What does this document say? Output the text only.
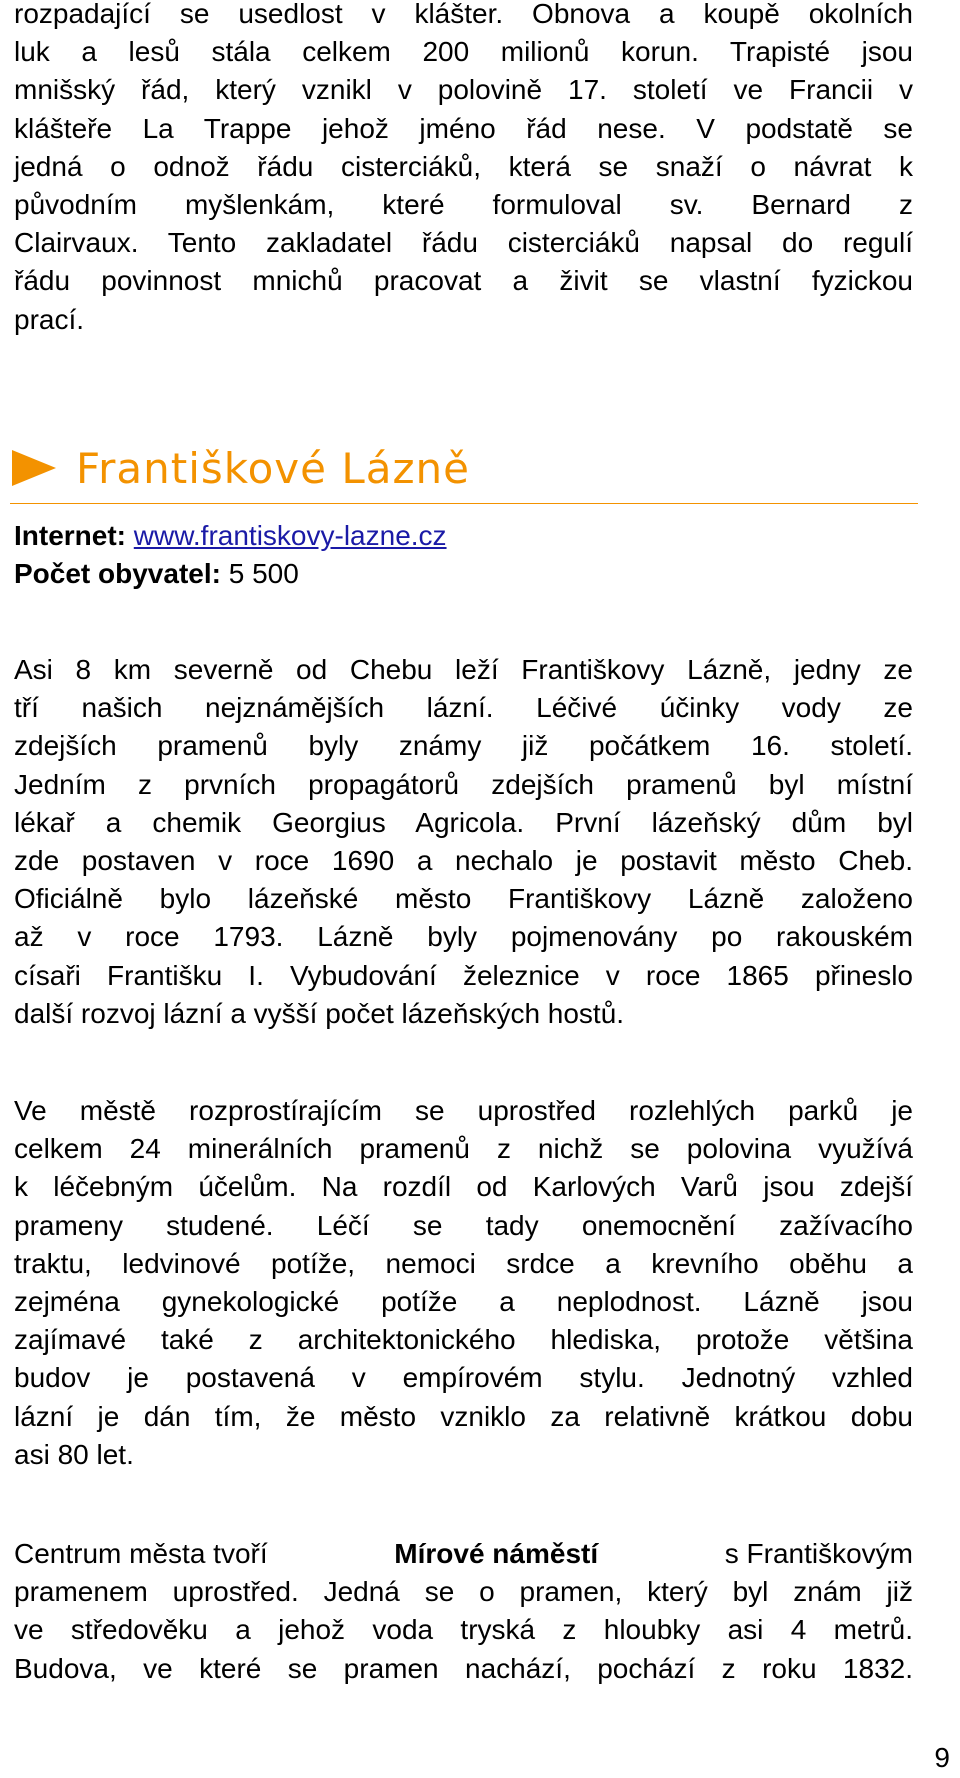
rozpadající se usedlost v klášter. Obnova a koupě okolních
luk a lesů stála celkem 200 milionů korun. Trapisté jsou
mnišský řád, který vznikl v polovině 17. století ve Francii v
klášteře La Trappe jehož jméno řád nese. V podstatě se
jedná o odnož řádu cisterciáků, která se snaží o návrat k
původním myšlenkám, které formuloval sv. Bernard z
Clairvaux. Tento zakladatel řádu cisterciáků napsal do regulí
řádu povinnost mnichů pracovat a živit se vlastní fyzickou
prací.
Františkové Lázně
Internet: www.frantiskovy-lazne.cz
Počet obyvatel: 5 500
Asi 8 km severně od Chebu leží Františkovy Lázně, jedny ze
tří našich nejznámějších lázní. Léčivé účinky vody ze
zdejších pramenů byly známy již počátkem 16. století.
Jedním z prvních propagátorů zdejších pramenů byl místní
lékař a chemik Georgius Agricola. První lázeňský dům byl
zde postaven v roce 1690 a nechalo je postavit město Cheb.
Oficiálně bylo lázeňské město Františkovy Lázně založeno
až v roce 1793. Lázně byly pojmenovány po rakouském
císaři Františku I. Vybudování železnice v roce 1865 přineslo
další rozvoj lázní a vyšší počet lázeňských hostů.
Ve městě rozprostírajícím se uprostřed rozlehlých parků je
celkem 24 minerálních pramenů z nichž se polovina využívá
k léčebným účelům. Na rozdíl od Karlových Varů jsou zdejší
prameny studené. Léčí se tady onemocnění zažívacího
traktu, ledvinové potíže, nemoci srdce a krevního oběhu a
zejména gynekologické potíže a neplodnost. Lázně jsou
zajímavé také z architektonického hlediska, protože většina
budov je postavená v empírovém stylu. Jednotný vzhled
lázní je dán tím, že město vzniklo za relativně krátkou dobu
asi 80 let.
Centrum města tvoří	Mírové náměstí	s Františkovým
pramenem uprostřed. Jedná se o pramen, který byl znám již
ve středověku a jehož voda tryská z hloubky asi 4 metrů.
Budova, ve které se pramen nachází, pochází z roku 1832.
9
